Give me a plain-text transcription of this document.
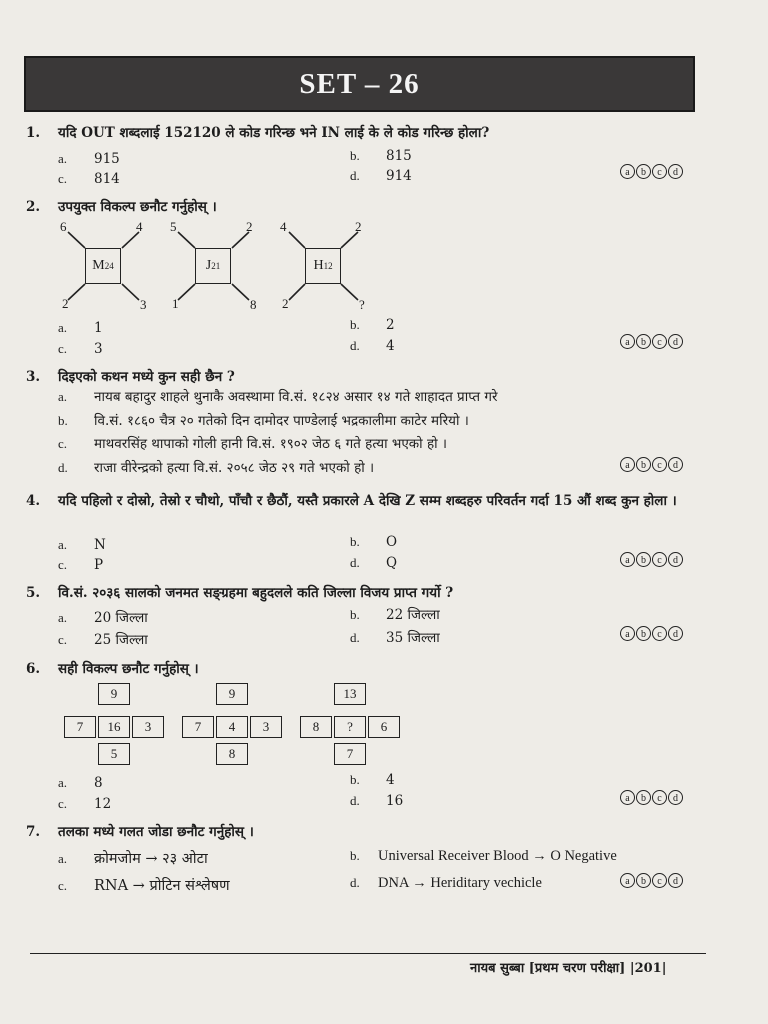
SET – 26
1.	यदि OUT शब्दलाई 152120 ले कोड गरिन्छ भने IN लाई के ले कोड गरिन्छ होला?
a. 915	b. 815
c. 814	d. 914	a	b	c	d
2.	उपयुक्त विकल्प छनौट गर्नुहोस् ।
M 24	J 21	H 12
6	4
2	3
5	2
1	8
4	2
2	?
a. 1	b. 2
c. 3	d. 4	a	b	c	d
3.	दिइएको कथन मध्ये कुन सही छैन ?
a. नायब बहादुर शाहले थुनाकै अवस्थामा वि.सं. १८२४ असार १४ गते शाहादत प्राप्त गरे
b. वि.सं. १८६० चैत्र २० गतेको दिन दामोदर पाण्डेलाई भद्रकालीमा काटेर मरियो ।
c. माथवरसिंह थापाको गोली हानी वि.सं. १९०२ जेठ ६ गते हत्या भएको हो ।
d. राजा वीरेन्द्रको हत्या वि.सं. २०५८ जेठ २९ गते भएको हो ।	a	b	c	d
4.	यदि पहिलो र दोस्रो, तेस्रो र चौथो, पाँचौ र छैठौं, यस्तै प्रकारले A देखि Z सम्म शब्दहरु परिवर्तन गर्दा 15 औं शब्द कुन होला ।
a. N	b. O
c. P	d. Q	a	b	c	d
5.	वि.सं. २०३६ सालको जनमत सङ्ग्रहमा बहुदलले कति जिल्ला विजय प्राप्त गर्यो ?
a. 20 जिल्ला	b. 22 जिल्ला
c. 25 जिल्ला	d. 35 जिल्ला	a	b	c	d
6.	सही विकल्प छनौट गर्नुहोस् ।
9
7	16	3
5
9
7	4	3
8
13
8	?	6
7
a. 8	b. 4
c. 12	d. 16	a	b	c	d
7.	तलका मध्ये गलत जोडा छनौट गर्नुहोस् ।
a. क्रोमजोम → २३ ओटा	b. Universal Receiver Blood → O Negative
c. RNA → प्रोटिन संश्लेषण	d. DNA → Heriditary vechicle	a	b	c	d
नायब सुब्बा [प्रथम चरण परीक्षा] |201|
